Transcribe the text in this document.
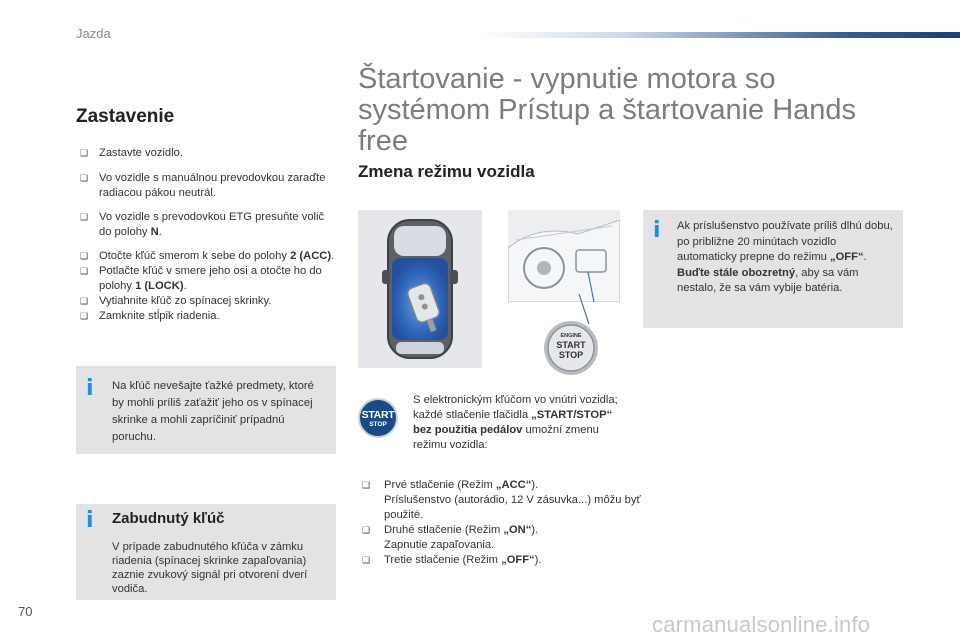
Jazda
Zastavenie
❑ Zastavte vozidlo.
❑ Vo vozidle s manuálnou prevodovkou zaraďte radiacou pákou neutrál.
❑ Vo vozidle s prevodovkou ETG presuňte volič do polohy N.
❑ Otočte kľúč smerom k sebe do polohy 2 (ACC).
❑ Potlačte kľúč v smere jeho osi a otočte ho do polohy 1 (LOCK).
❑ Vytiahnite kľúč zo spínacej skrinky.
❑ Zamknite stĺpik riadenia.
i Na kľúč nevešajte ťažké predmety, ktoré by mohli príliš zaťažiť jeho os v spínacej skrinke a mohli zapríčiniť prípadnú poruchu.
i Zabudnutý kľúč
V prípade zabudnutého kľúča v zámku riadenia (spínacej skrinke zapaľovania) zaznie zvukový signál pri otvorení dverí vodiča.
Štartovanie - vypnutie motora so systémom Prístup a štartovanie Hands free
Zmena režimu vozidla
ENGINE
START
STOP
START
STOP
S elektronickým kľúčom vo vnútri vozidla; každé stlačenie tlačidla „START/STOP“ bez použitia pedálov umožní zmenu režimu vozidla:
❑ Prvé stlačenie (Režim „ACC“).
Príslušenstvo (autorádio, 12 V zásuvka...) môžu byť použité.
❑ Druhé stlačenie (Režim „ON“).
Zapnutie zapaľovania.
❑ Tretie stlačenie (Režim „OFF“).
i Ak príslušenstvo používate príliš dlhú dobu, po približne 20 minútach vozidlo automaticky prepne do režimu „OFF“. Buďte stále obozretný, aby sa vám nestalo, že sa vám vybije batéria.
70
carmanualsonline.info
